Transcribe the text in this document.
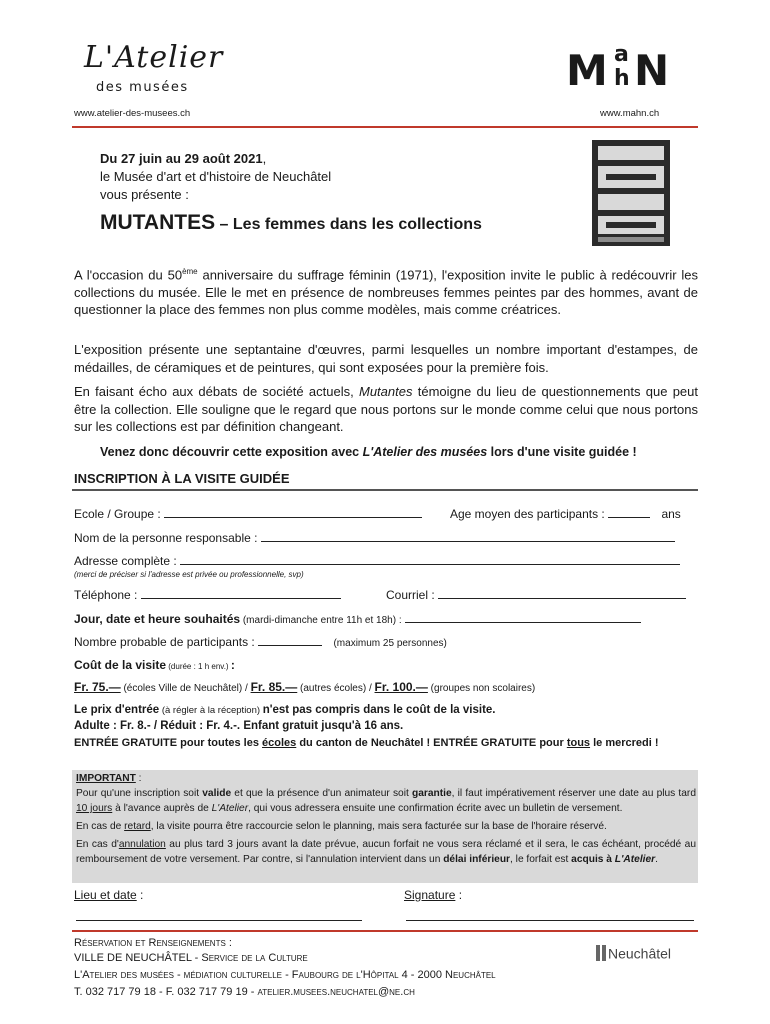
L'Atelier
des musées
www.atelier-des-musees.ch
M a
h N
www.mahn.ch
Du 27 juin au 29 août 2021,
le Musée d'art et d'histoire de Neuchâtel
vous présente :
MUTANTES – Les femmes dans les collections
A l'occasion du 50ème anniversaire du suffrage féminin (1971), l'exposition invite le public à redécouvrir les collections du musée. Elle le met en présence de nombreuses femmes peintes par des hommes, avant de questionner la place des femmes non plus comme modèles, mais comme créatrices.
L'exposition présente une septantaine d'œuvres, parmi lesquelles un nombre important d'estampes, de médailles, de céramiques et de peintures, qui sont exposées pour la première fois.
En faisant écho aux débats de société actuels, Mutantes témoigne du lieu de questionnements que peut être la collection. Elle souligne que le regard que nous portons sur le monde comme celui que nous portons sur les collections est par définition changeant.
Venez donc découvrir cette exposition avec L'Atelier des musées lors d'une visite guidée !
INSCRIPTION À LA VISITE GUIDÉE
Ecole / Groupe :	Age moyen des participants :	ans
Nom de la personne responsable :
Adresse complète :
(merci de préciser si l'adresse est privée ou professionnelle, svp)
Téléphone :	Courriel :
Jour, date et heure souhaités (mardi-dimanche entre 11h et 18h) :
Nombre probable de participants :	(maximum 25 personnes)
Coût de la visite (durée : 1 h env.) :
Fr. 75.— (écoles Ville de Neuchâtel) / Fr. 85.— (autres écoles) / Fr. 100.— (groupes non scolaires)
Le prix d'entrée (à régler à la réception) n'est pas compris dans le coût de la visite.
Adulte : Fr. 8.- / Réduit : Fr. 4.-. Enfant gratuit jusqu'à 16 ans.
ENTRÉE GRATUITE pour toutes les écoles du canton de Neuchâtel ! ENTRÉE GRATUITE pour tous le mercredi !
IMPORTANT :
Pour qu'une inscription soit valide et que la présence d'un animateur soit garantie, il faut impérativement réserver une date au plus tard 10 jours à l'avance auprès de L'Atelier, qui vous adressera ensuite une confirmation écrite avec un bulletin de versement.
En cas de retard, la visite pourra être raccourcie selon le planning, mais sera facturée sur la base de l'horaire réservé.
En cas d'annulation au plus tard 3 jours avant la date prévue, aucun forfait ne vous sera réclamé et il sera, le cas échéant, procédé au remboursement de votre versement. Par contre, si l'annulation intervient dans un délai inférieur, le forfait est acquis à L'Atelier.
Lieu et date :	Signature :
Réservation et Renseignements :
VILLE DE NEUCHÂTEL - Service de la Culture
L'Atelier des musées - médiation culturelle - Faubourg de l'Hôpital 4 - 2000 Neuchâtel
T. 032 717 79 18 - F. 032 717 79 19 - atelier.musees.neuchatel@ne.ch
Neuchâtel
